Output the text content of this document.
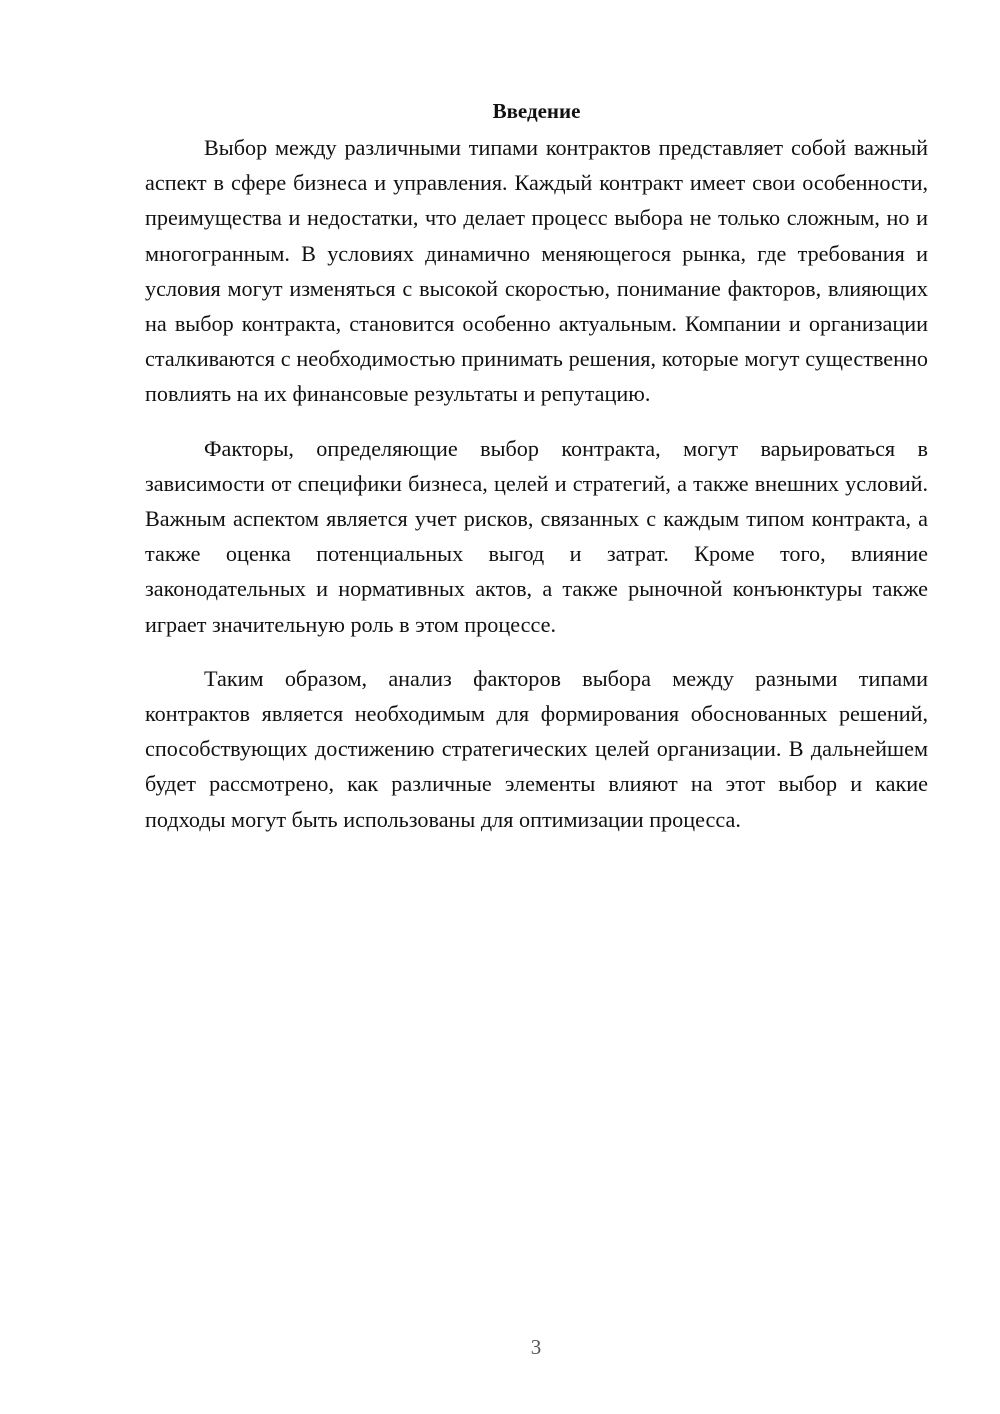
Введение

Выбор между различными типами контрактов представляет собой важный аспект в сфере бизнеса и управления. Каждый контракт имеет свои особенности, преимущества и недостатки, что делает процесс выбора не только сложным, но и многогранным. В условиях динамично меняющегося рынка, где требования и условия могут изменяться с высокой скоростью, понимание факторов, влияющих на выбор контракта, становится особенно актуальным. Компании и организации сталкиваются с необходимостью принимать решения, которые могут существенно повлиять на их финансовые результаты и репутацию.

Факторы, определяющие выбор контракта, могут варьироваться в зависимости от специфики бизнеса, целей и стратегий, а также внешних условий. Важным аспектом является учет рисков, связанных с каждым типом контракта, а также оценка потенциальных выгод и затрат. Кроме того, влияние законодательных и нормативных актов, а также рыночной конъюнктуры также играет значительную роль в этом процессе.

Таким образом, анализ факторов выбора между разными типами контрактов является необходимым для формирования обоснованных решений, способствующих достижению стратегических целей организации. В дальнейшем будет рассмотрено, как различные элементы влияют на этот выбор и какие подходы могут быть использованы для оптимизации процесса.

3
